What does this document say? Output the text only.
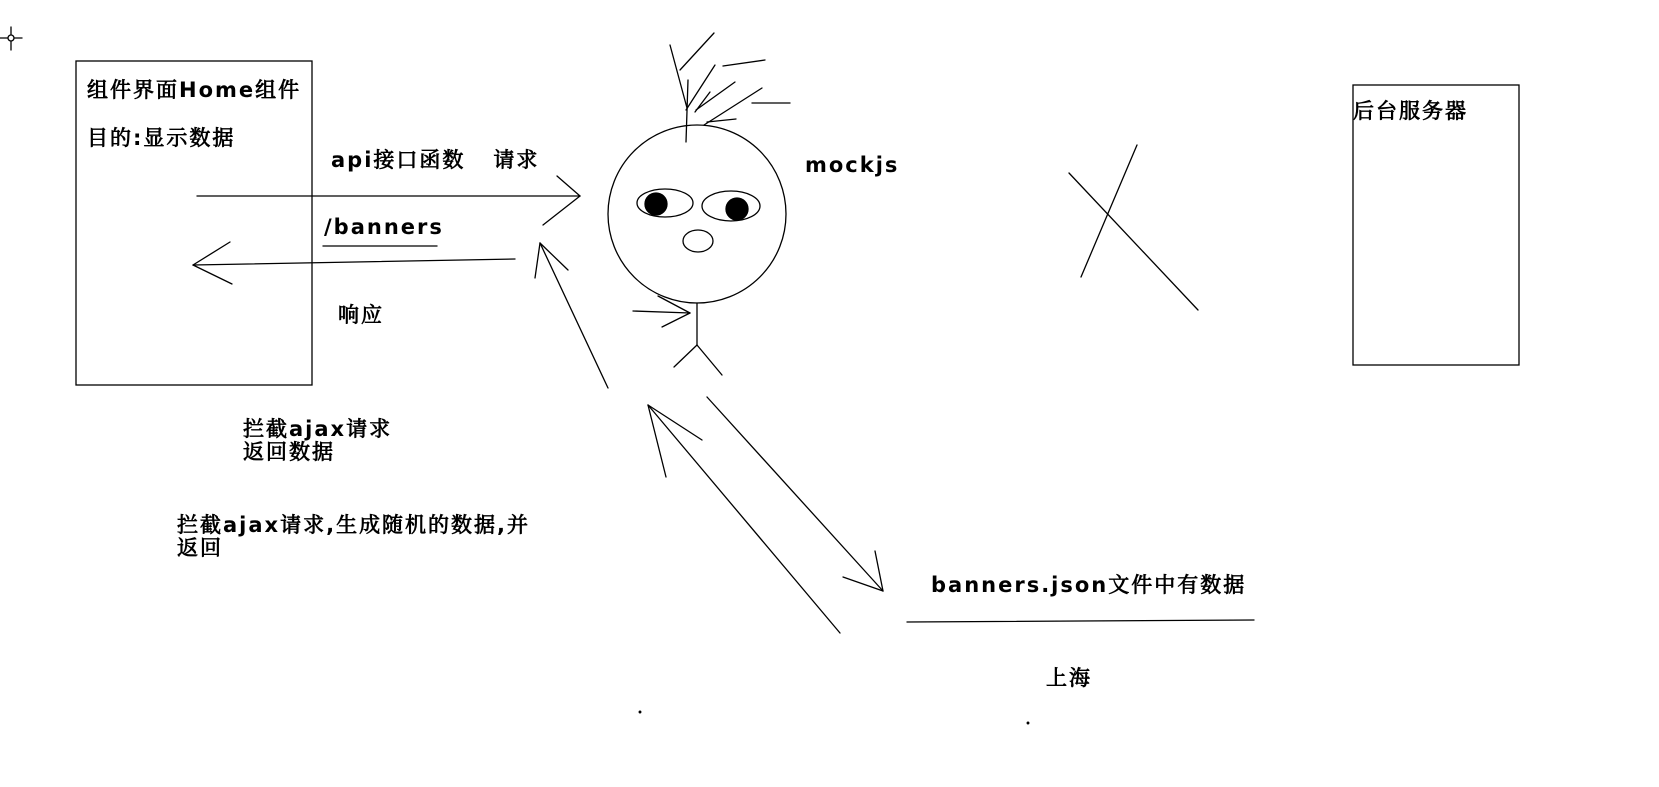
组件界面Home组件
目的:显示数据
api接口函数   请求
/banners
响应
mockjs
后台服务器
拦截ajax请求
返回数据
拦截ajax请求,生成随机的数据,并
返回
banners.json文件中有数据
上海
